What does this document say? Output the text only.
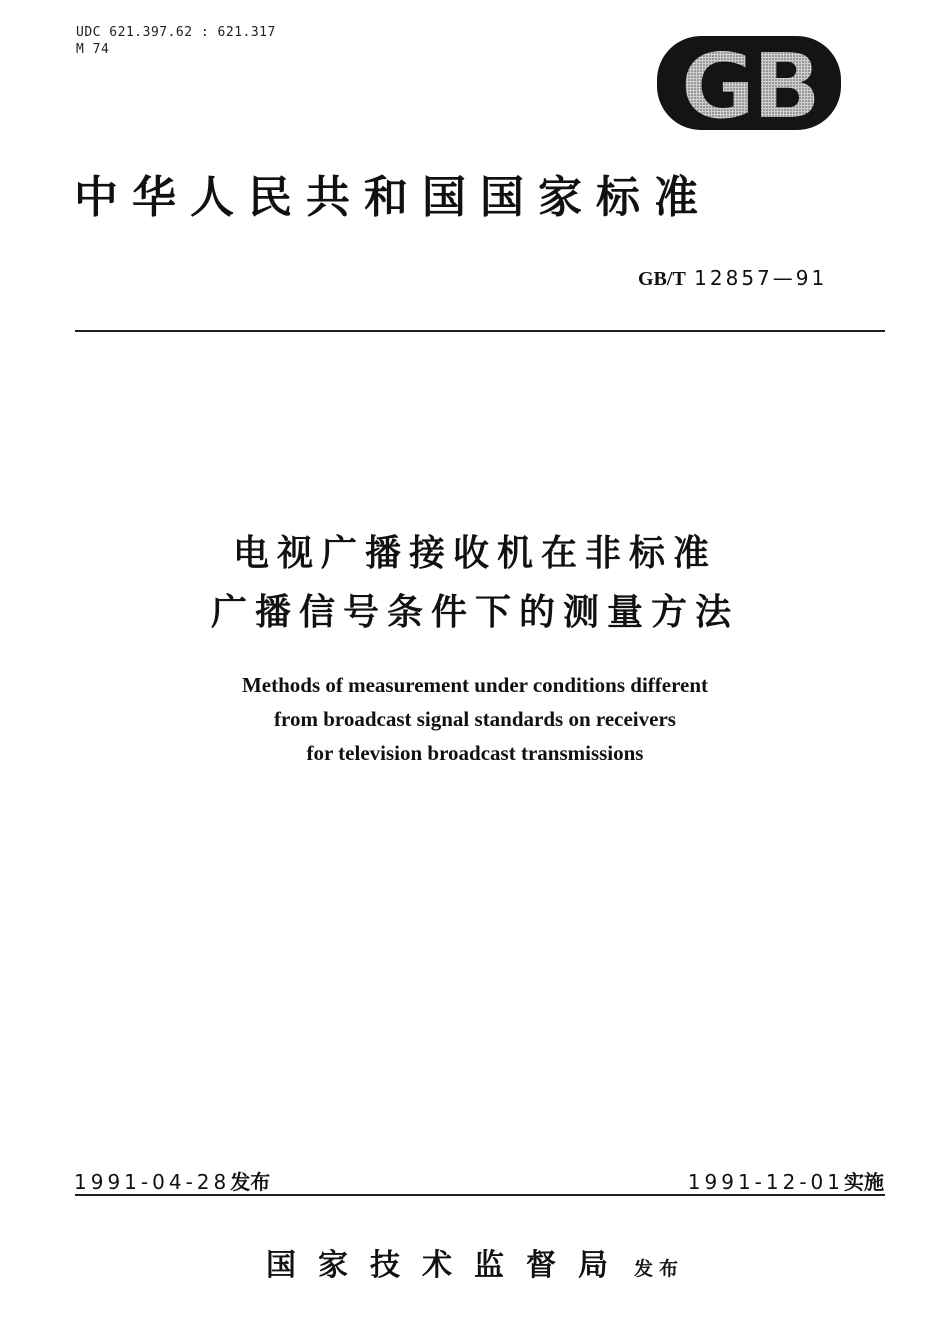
UDC 621.397.62 : 621.317
M 74	GB
中华人民共和国国家标准
GB/T 12857—91
电视广播接收机在非标准
广播信号条件下的测量方法
Methods of measurement under conditions different
from broadcast signal standards on receivers
for television broadcast transmissions
1991-04-28发布	1991-12-01实施
国家技术监督局 发布
